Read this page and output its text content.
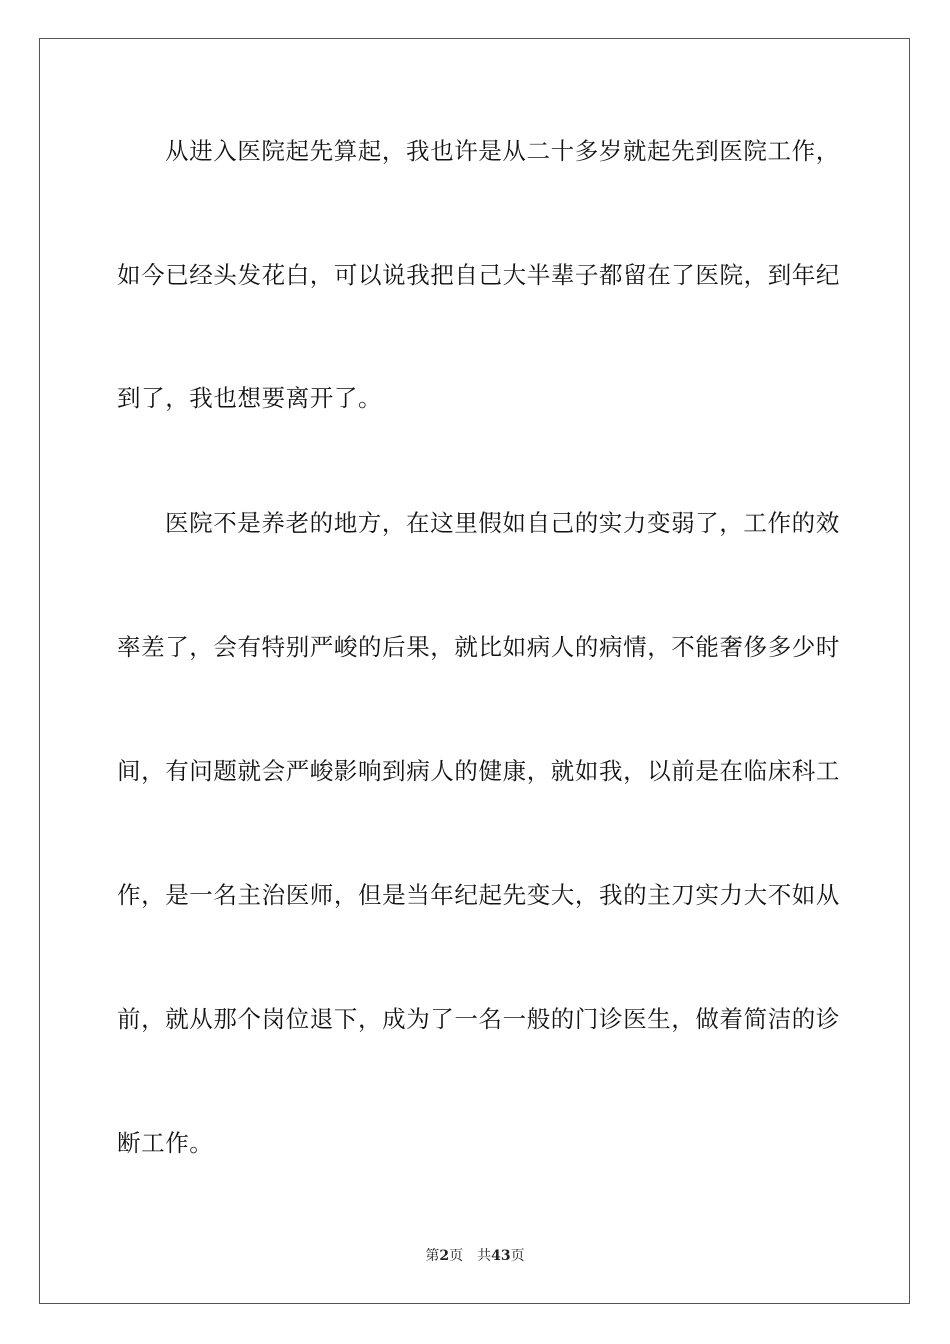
从进入医院起先算起，我也许是从二十多岁就起先到医院工作，
如今已经头发花白，可以说我把自己大半辈子都留在了医院，到年纪
到了，我也想要离开了。
医院不是养老的地方，在这里假如自己的实力变弱了，工作的效
率差了，会有特别严峻的后果，就比如病人的病情，不能奢侈多少时
间，有问题就会严峻影响到病人的健康，就如我，以前是在临床科工
作，是一名主治医师，但是当年纪起先变大，我的主刀实力大不如从
前，就从那个岗位退下，成为了一名一般的门诊医生，做着简洁的诊
断工作。
第2页 共43页
